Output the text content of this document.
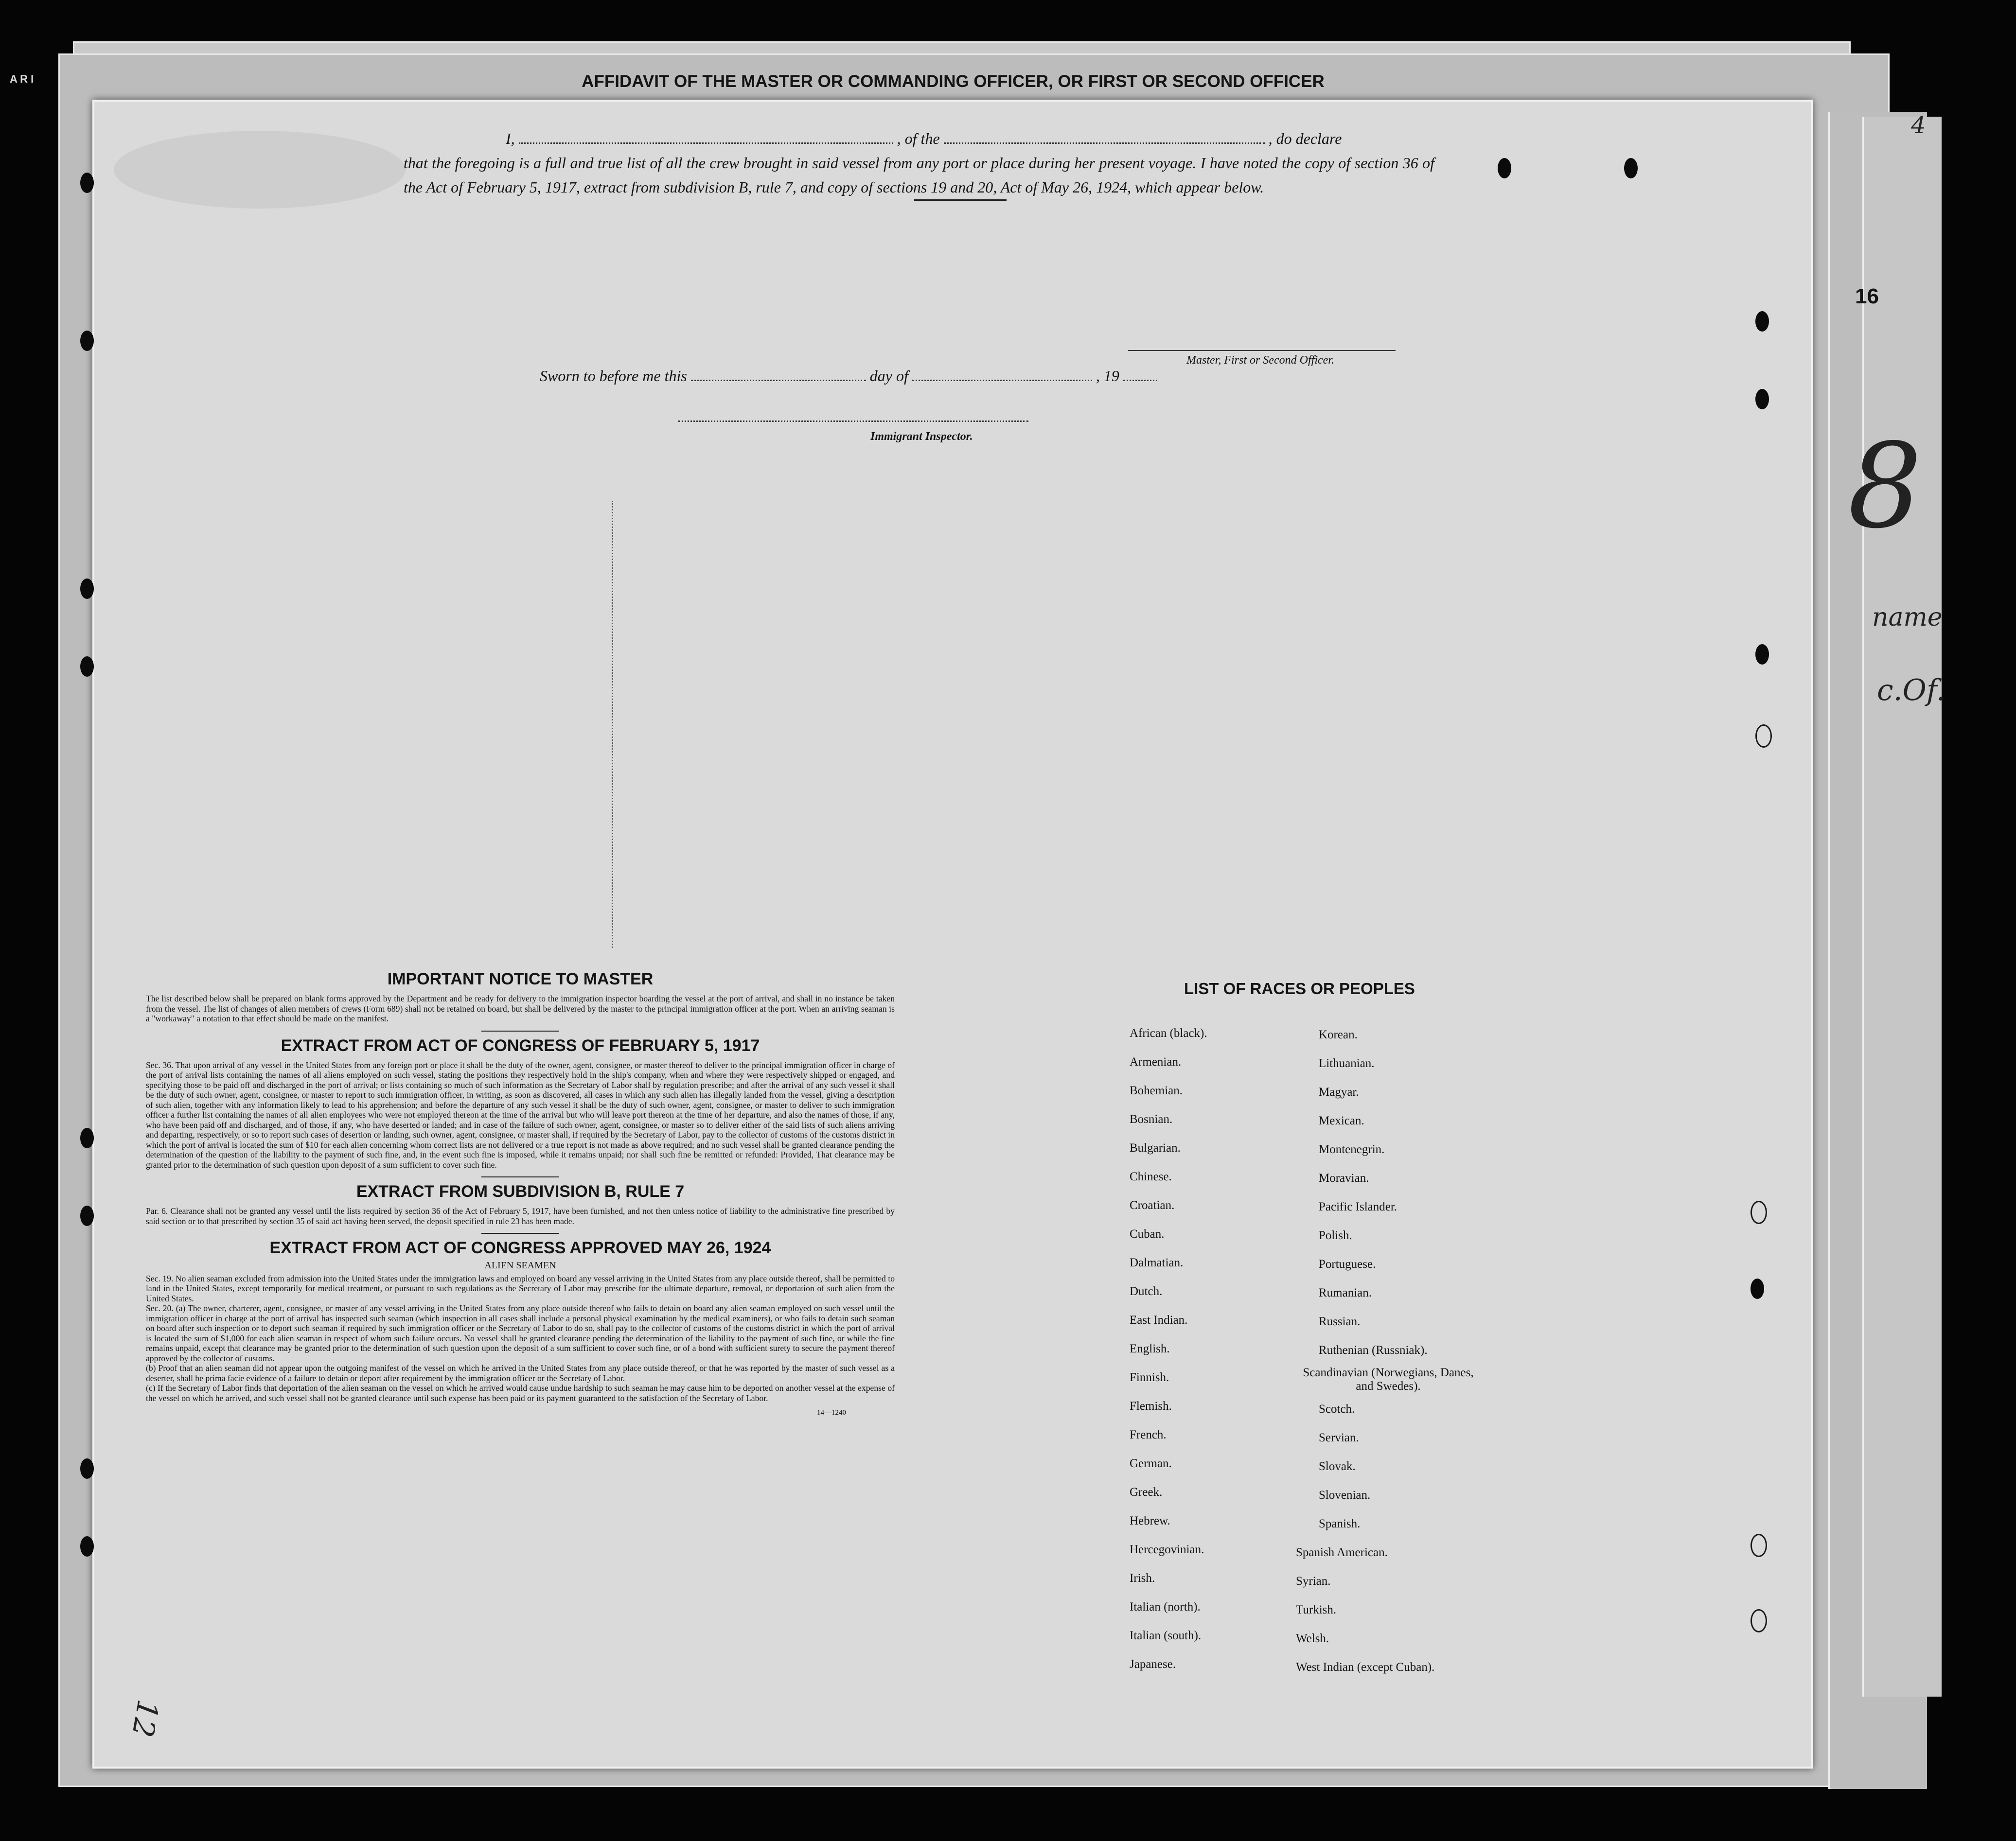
A R I	AFFIDAVIT OF THE MASTER OR COMMANDING OFFICER, OR FIRST OR SECOND OFFICER
I,	, of the	, do declare
that the foregoing is a full and true list of all the crew brought in said vessel from any port or place during her present voyage. I have noted the copy of section 36 of the Act of February 5, 1917, extract from subdivision B, rule 7, and copy of sections 19 and 20, Act of May 26, 1924, which appear below.
Master, First or Second Officer.
Sworn to before me this	day of	, 19
Immigrant Inspector.
IMPORTANT NOTICE TO MASTER
The list described below shall be prepared on blank forms approved by the Department and be ready for delivery to the immigration inspector boarding the vessel at the port of arrival, and shall in no instance be taken from the vessel. The list of changes of alien members of crews (Form 689) shall not be retained on board, but shall be delivered by the master to the principal immigration officer at the port. When an arriving seaman is a "workaway" a notation to that effect should be made on the manifest.
EXTRACT FROM ACT OF CONGRESS OF FEBRUARY 5, 1917
Sec. 36. That upon arrival of any vessel in the United States from any foreign port or place it shall be the duty of the owner, agent, consignee, or master thereof to deliver to the principal immigration officer in charge of the port of arrival lists containing the names of all aliens employed on such vessel, stating the positions they respectively hold in the ship's company, when and where they were respectively shipped or engaged, and specifying those to be paid off and discharged in the port of arrival; or lists containing so much of such information as the Secretary of Labor shall by regulation prescribe; and after the arrival of any such vessel it shall be the duty of such owner, agent, consignee, or master to report to such immigration officer, in writing, as soon as discovered, all cases in which any such alien has illegally landed from the vessel, giving a description of such alien, together with any information likely to lead to his apprehension; and before the departure of any such vessel it shall be the duty of such owner, agent, consignee, or master to deliver to such immigration officer a further list containing the names of all alien employees who were not employed thereon at the time of the arrival but who will leave port thereon at the time of her departure, and also the names of those, if any, who have been paid off and discharged, and of those, if any, who have deserted or landed; and in case of the failure of such owner, agent, consignee, or master so to deliver either of the said lists of such aliens arriving and departing, respectively, or so to report such cases of desertion or landing, such owner, agent, consignee, or master shall, if required by the Secretary of Labor, pay to the collector of customs of the customs district in which the port of arrival is located the sum of $10 for each alien concerning whom correct lists are not delivered or a true report is not made as above required; and no such vessel shall be granted clearance pending the determination of the question of the liability to the payment of such fine, and, in the event such fine is imposed, while it remains unpaid; nor shall such fine be remitted or refunded: Provided, That clearance may be granted prior to the determination of such question upon deposit of a sum sufficient to cover such fine.
EXTRACT FROM SUBDIVISION B, RULE 7
Par. 6. Clearance shall not be granted any vessel until the lists required by section 36 of the Act of February 5, 1917, have been furnished, and not then unless notice of liability to the administrative fine prescribed by said section or to that prescribed by section 35 of said act having been served, the deposit specified in rule 23 has been made.
EXTRACT FROM ACT OF CONGRESS APPROVED MAY 26, 1924
ALIEN SEAMEN
Sec. 19. No alien seaman excluded from admission into the United States under the immigration laws and employed on board any vessel arriving in the United States from any place outside thereof, shall be permitted to land in the United States, except temporarily for medical treatment, or pursuant to such regulations as the Secretary of Labor may prescribe for the ultimate departure, removal, or deportation of such alien from the United States.
Sec. 20. (a) The owner, charterer, agent, consignee, or master of any vessel arriving in the United States from any place outside thereof who fails to detain on board any alien seaman employed on such vessel until the immigration officer in charge at the port of arrival has inspected such seaman (which inspection in all cases shall include a personal physical examination by the medical examiners), or who fails to detain such seaman on board after such inspection or to deport such seaman if required by such immigration officer or the Secretary of Labor to do so, shall pay to the collector of customs of the customs district in which the port of arrival is located the sum of $1,000 for each alien seaman in respect of whom such failure occurs. No vessel shall be granted clearance pending the determination of the liability to the payment of such fine, or while the fine remains unpaid, except that clearance may be granted prior to the determination of such question upon the deposit of a sum sufficient to cover such fine, or of a bond with sufficient surety to secure the payment thereof approved by the collector of customs.
(b) Proof that an alien seaman did not appear upon the outgoing manifest of the vessel on which he arrived in the United States from any place outside thereof, or that he was reported by the master of such vessel as a deserter, shall be prima facie evidence of a failure to detain or deport after requirement by the immigration officer or the Secretary of Labor.
(c) If the Secretary of Labor finds that deportation of the alien seaman on the vessel on which he arrived would cause undue hardship to such seaman he may cause him to be deported on another vessel at the expense of the vessel on which he arrived, and such vessel shall not be granted clearance until such expense has been paid or its payment guaranteed to the satisfaction of the Secretary of Labor.
14—1240
LIST OF RACES OR PEOPLES
African (black).
Armenian.
Bohemian.
Bosnian.
Bulgarian.
Chinese.
Croatian.
Cuban.
Dalmatian.
Dutch.
East Indian.
English.
Finnish.
Flemish.
French.
German.
Greek.
Hebrew.
Hercegovinian.
Irish.
Italian (north).
Italian (south).
Japanese.
Korean.
Lithuanian.
Magyar.
Mexican.
Montenegrin.
Moravian.
Pacific Islander.
Polish.
Portuguese.
Rumanian.
Russian.
Ruthenian (Russniak).
Scandinavian (Norwegians, Danes, and Swedes).
Scotch.
Servian.
Slovak.
Slovenian.
Spanish.
Spanish American.
Syrian.
Turkish.
Welsh.
West Indian (except Cuban).
16
8
name
c.Of.
4
12
